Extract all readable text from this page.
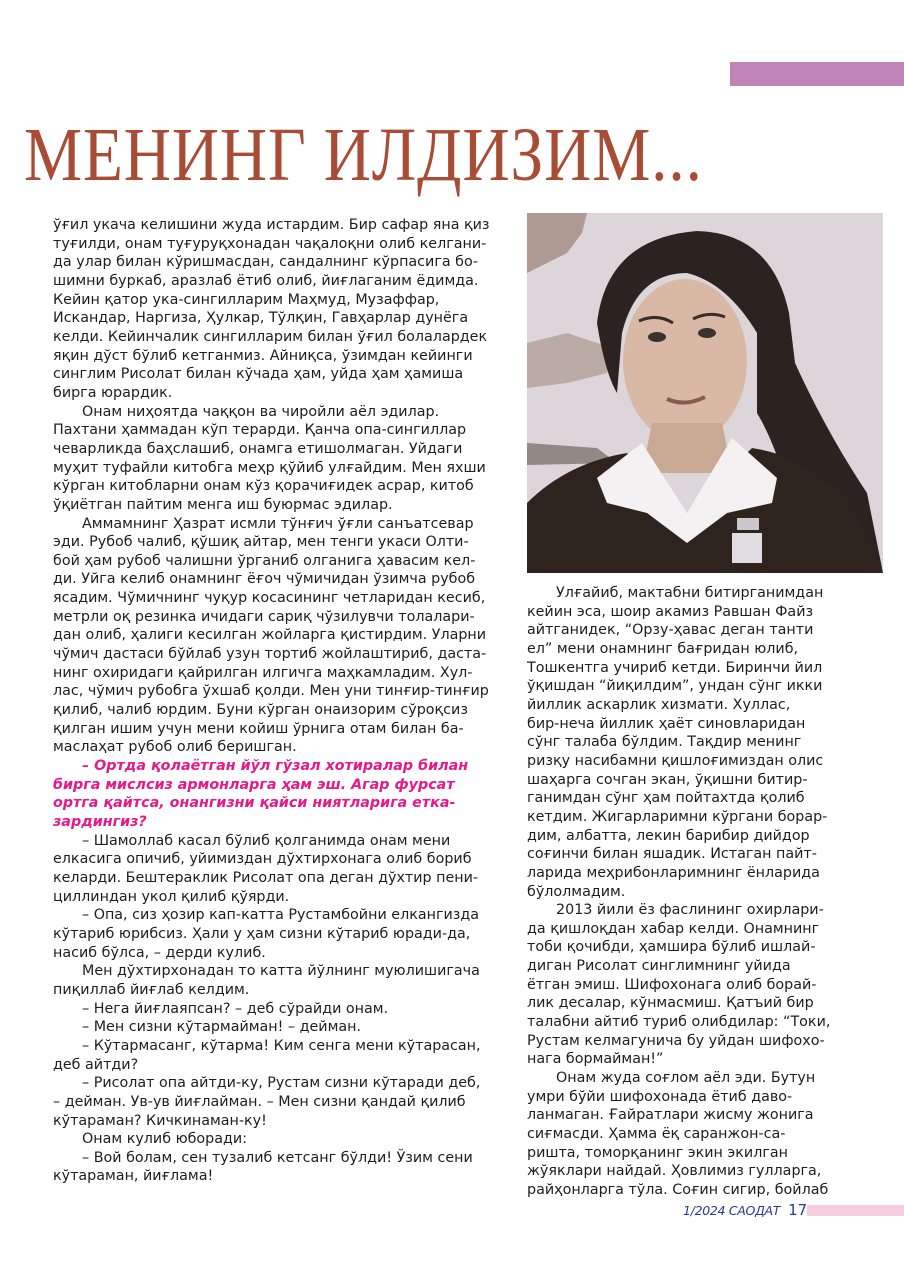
МЕНИНГ ИЛДИЗИМ...
ўғил укача келишини жуда истардим. Бир сафар яна қиз
туғилди, онам туғуруқхонадан чақалоқни олиб келгани-
да улар билан кўришмасдан, сандалнинг кўрпасига бо-
шимни буркаб, аразлаб ётиб олиб, йиғлаганим ёдимда.
Кейин қатор ука-сингилларим Маҳмуд, Музаффар,
Искандар, Наргиза, Ҳулкар, Тўлқин, Гавҳарлар дунёга
келди. Кейинчалик сингилларим билан ўғил болалардек
яқин дўст бўлиб кетганмиз. Айниқса, ўзимдан кейинги
синглим Рисолат билан кўчада ҳам, уйда ҳам ҳамиша
бирга юрардик.
Онам ниҳоятда чаққон ва чиройли аёл эдилар.
Пахтани ҳаммадан кўп терарди. Қанча опа-сингиллар
чеварликда баҳслашиб, онамга етишолмаган. Уйдаги
муҳит туфайли китобга меҳр қўйиб улғайдим. Мен яхши
кўрган китобларни онам кўз қорачиғидек асрар, китоб
ўқиётган пайтим менга иш буюрмас эдилар.
Аммамнинг Ҳазрат исмли тўнғич ўғли санъатсевар
эди. Рубоб чалиб, қўшиқ айтар, мен тенги укаси Олти-
бой ҳам рубоб чалишни ўрганиб олганига ҳавасим кел-
ди. Уйга келиб онамнинг ёғоч чўмичидан ўзимча рубоб
ясадим. Чўмичнинг чуқур косасининг четларидан кесиб,
метрли оқ резинка ичидаги сариқ чўзилувчи толалари-
дан олиб, ҳалиги кесилган жойларга қистирдим. Уларни
чўмич дастаси бўйлаб узун тортиб жойлаштириб, даста-
нинг охиридаги қайрилган илгичга маҳкамладим. Хул-
лас, чўмич рубобга ўхшаб қолди. Мен уни тинғир-тинғир
қилиб, чалиб юрдим. Буни кўрган онаизорим сўроқсиз
қилган ишим учун мени койиш ўрнига отам билан ба-
маслаҳат рубоб олиб беришган.
– Ортда қолаётган йўл гўзал хотиралар билан
бирга мислсиз армонларга ҳам эш. Агар фурсат
ортга қайтса, онангизни қайси ниятларига етка-
зардингиз?
– Шамоллаб касал бўлиб қолганимда онам мени
елкасига опичиб, уйимиздан дўхтирхонага олиб бориб
келарди. Бештераклик Рисолат опа деган дўхтир пени-
циллиндан укол қилиб қўярди.
– Опа, сиз ҳозир кап-катта Рустамбойни елкангизда
кўтариб юрибсиз. Ҳали у ҳам сизни кўтариб юради-да,
насиб бўлса, – дерди кулиб.
Мен дўхтирхонадан то катта йўлнинг муюлишигача
пиқиллаб йиғлаб келдим.
– Нега йиғлаяпсан? – деб сўрайди онам.
– Мен сизни кўтармайман! – дейман.
– Кўтармасанг, кўтарма! Ким сенга мени кўтарасан,
деб айтди?
– Рисолат опа айтди-ку, Рустам сизни кўтаради деб,
– дейман. Ув-ув йиғлайман. – Мен сизни қандай қилиб
кўтараман? Кичкинаман-ку!
Онам кулиб юборади:
– Вой болам, сен тузалиб кетсанг бўлди! Ўзим сени
кўтараман, йиғлама!
Улғайиб, мактабни битирганимдан
кейин эса, шоир акамиз Равшан Файз
айтганидек, “Орзу-ҳавас деган танти
ел” мени онамнинг бағридан юлиб,
Тошкентга учириб кетди. Биринчи йил
ўқишдан “йиқилдим”, ундан сўнг икки
йиллик аскарлик хизмати. Хуллас,
бир-неча йиллик ҳаёт синовларидан
сўнг талаба бўлдим. Тақдир менинг
ризқу насибамни қишлоғимиздан олис
шаҳарга сочган экан, ўқишни битир-
ганимдан сўнг ҳам пойтахтда қолиб
кетдим. Жигарларимни кўргани борар-
дим, албатта, лекин барибир дийдор
соғинчи билан яшадик. Истаган пайт-
ларида меҳрибонларимнинг ёнларида
бўлолмадим.
2013 йили ёз фаслининг охирлари-
да қишлоқдан хабар келди. Онамнинг
тоби қочибди, ҳамшира бўлиб ишлай-
диган Рисолат синглимнинг уйида
ётган эмиш. Шифохонага олиб борай-
лик десалар, кўнмасмиш. Қатъий бир
талабни айтиб туриб олибдилар: “Токи,
Рустам келмагунича бу уйдан шифохо-
нага бормайман!”
Онам жуда соғлом аёл эди. Бутун
умри бўйи шифохонада ётиб даво-
ланмаган. Ғайратлари жисму жонига
сиғмасди. Ҳамма ёқ саранжон-са-
ришта, томорқанинг экин экилган
жўяклари найдай. Ҳовлимиз гулларга,
райҳонларга тўла. Соғин сигир, бойлаб
1/2024 САОДАТ 17
